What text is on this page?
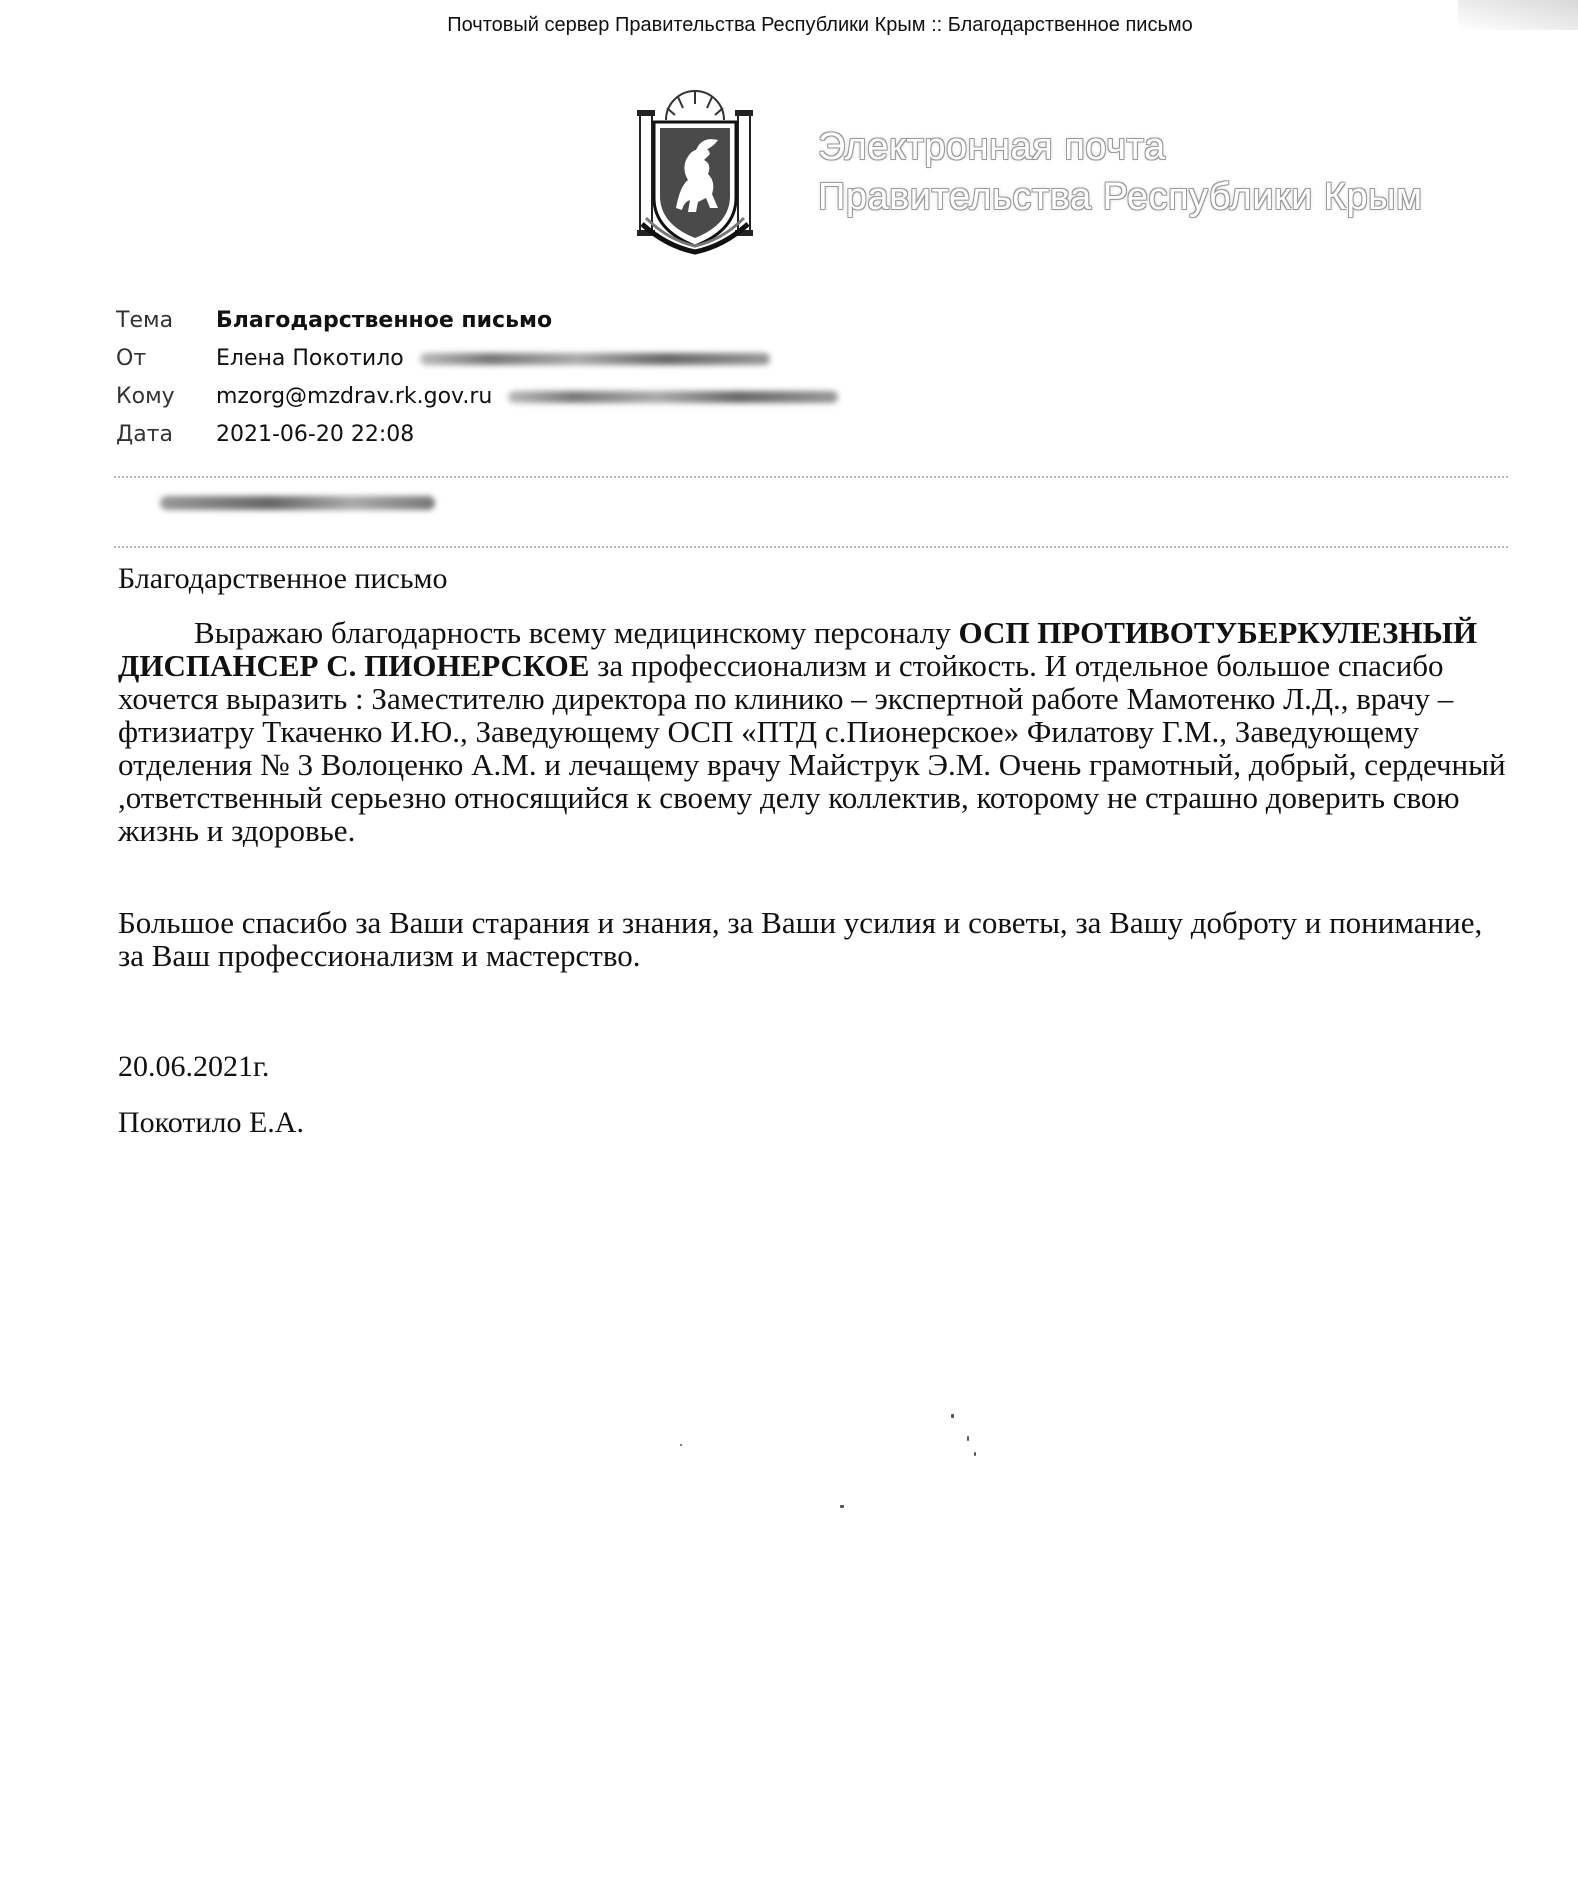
Почтовый сервер Правительства Республики Крым :: Благодарственное письмо
Электронная почта
Правительства Республики Крым
Тема	Благодарственное письмо
От	Елена Покотило
Кому	mzorg@mzdrav.rk.gov.ru
Дата	2021-06-20 22:08
Благодарственное письмо
Выражаю благодарность всему медицинскому персоналу ОСП ПРОТИВОТУБЕРКУЛЕЗНЫЙ ДИСПАНСЕР С. ПИОНЕРСКОЕ за профессионализм и стойкость. И отдельное большое спасибо хочется выразить : Заместителю директора по клинико – экспертной работе Мамотенко Л.Д., врачу – фтизиатру Ткаченко И.Ю., Заведующему ОСП «ПТД с.Пионерское» Филатову Г.М., Заведующему отделения № 3 Волоценко А.М. и лечащему врачу Майструк Э.М. Очень грамотный, добрый, сердечный ,ответственный серьезно относящийся к своему делу коллектив, которому не страшно доверить свою жизнь и здоровье.
Большое спасибо за Ваши старания и знания, за Ваши усилия и советы, за Вашу доброту и понимание, за Ваш профессионализм и мастерство.
20.06.2021г.
Покотило Е.А.
